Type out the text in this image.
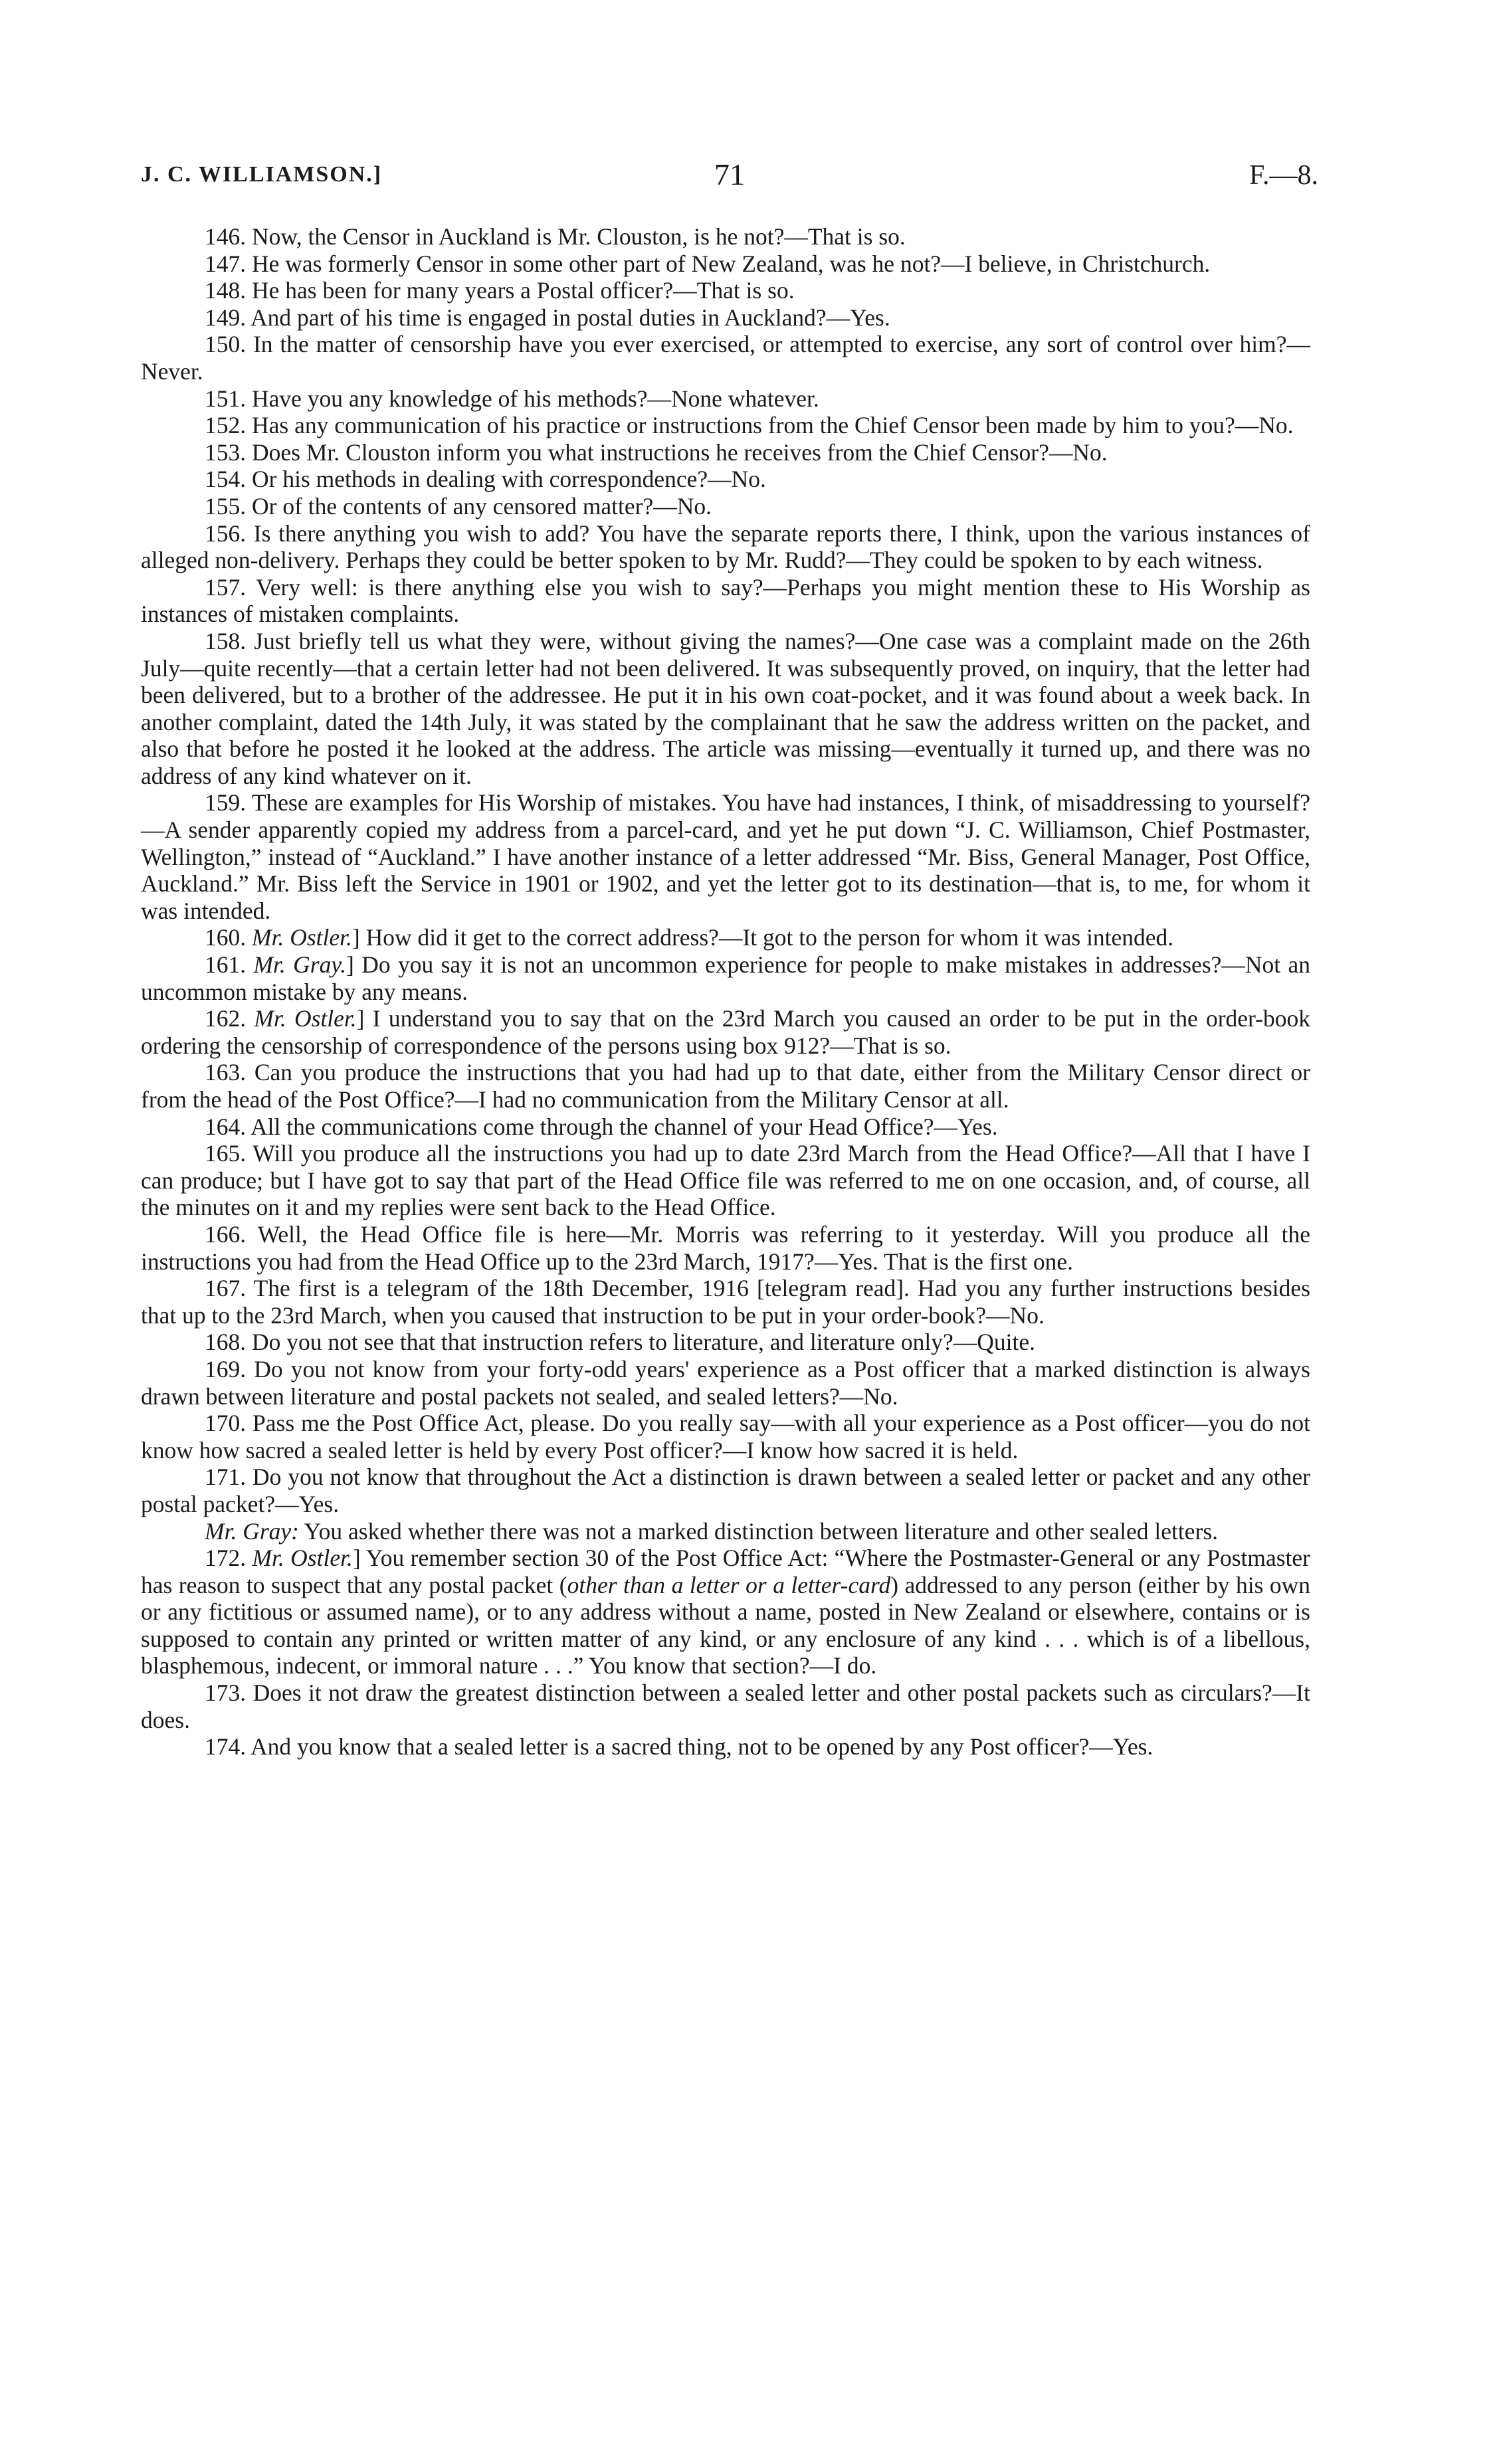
J. C. WILLIAMSON.]	71	F.—8.

146. Now, the Censor in Auckland is Mr. Clouston, is he not?—That is so.

147. He was formerly Censor in some other part of New Zealand, was he not?—I believe, in Christchurch.

148. He has been for many years a Postal officer?—That is so.

149. And part of his time is engaged in postal duties in Auckland?—Yes.

150. In the matter of censorship have you ever exercised, or attempted to exercise, any sort of control over him?—Never.

151. Have you any knowledge of his methods?—None whatever.

152. Has any communication of his practice or instructions from the Chief Censor been made by him to you?—No.

153. Does Mr. Clouston inform you what instructions he receives from the Chief Censor?—No.

154. Or his methods in dealing with correspondence?—No.

155. Or of the contents of any censored matter?—No.

156. Is there anything you wish to add? You have the separate reports there, I think, upon the various instances of alleged non-delivery. Perhaps they could be better spoken to by Mr. Rudd?—They could be spoken to by each witness.

157. Very well: is there anything else you wish to say?—Perhaps you might mention these to His Worship as instances of mistaken complaints.

158. Just briefly tell us what they were, without giving the names?—One case was a complaint made on the 26th July—quite recently—that a certain letter had not been delivered. It was subsequently proved, on inquiry, that the letter had been delivered, but to a brother of the addressee. He put it in his own coat-pocket, and it was found about a week back. In another complaint, dated the 14th July, it was stated by the complainant that he saw the address written on the packet, and also that before he posted it he looked at the address. The article was missing—eventually it turned up, and there was no address of any kind whatever on it.

159. These are examples for His Worship of mistakes. You have had instances, I think, of misaddressing to yourself?—A sender apparently copied my address from a parcel-card, and yet he put down “J. C. Williamson, Chief Postmaster, Wellington,” instead of “Auckland.” I have another instance of a letter addressed “Mr. Biss, General Manager, Post Office, Auckland.” Mr. Biss left the Service in 1901 or 1902, and yet the letter got to its destination—that is, to me, for whom it was intended.

160. Mr. Ostler.] How did it get to the correct address?—It got to the person for whom it was intended.

161. Mr. Gray.] Do you say it is not an uncommon experience for people to make mistakes in addresses?—Not an uncommon mistake by any means.

162. Mr. Ostler.] I understand you to say that on the 23rd March you caused an order to be put in the order-book ordering the censorship of correspondence of the persons using box 912?—That is so.

163. Can you produce the instructions that you had had up to that date, either from the Military Censor direct or from the head of the Post Office?—I had no communication from the Military Censor at all.

164. All the communications come through the channel of your Head Office?—Yes.

165. Will you produce all the instructions you had up to date 23rd March from the Head Office?—All that I have I can produce; but I have got to say that part of the Head Office file was referred to me on one occasion, and, of course, all the minutes on it and my replies were sent back to the Head Office.

166. Well, the Head Office file is here—Mr. Morris was referring to it yesterday. Will you produce all the instructions you had from the Head Office up to the 23rd March, 1917?—Yes. That is the first one.

167. The first is a telegram of the 18th December, 1916 [telegram read]. Had you any further instructions besides that up to the 23rd March, when you caused that instruction to be put in your order-book?—No.

168. Do you not see that that instruction refers to literature, and literature only?—Quite.

169. Do you not know from your forty-odd years' experience as a Post officer that a marked distinction is always drawn between literature and postal packets not sealed, and sealed letters?—No.

170. Pass me the Post Office Act, please. Do you really say—with all your experience as a Post officer—you do not know how sacred a sealed letter is held by every Post officer?—I know how sacred it is held.

171. Do you not know that throughout the Act a distinction is drawn between a sealed letter or packet and any other postal packet?—Yes.

Mr. Gray: You asked whether there was not a marked distinction between literature and other sealed letters.

172. Mr. Ostler.] You remember section 30 of the Post Office Act: “Where the Postmaster-General or any Postmaster has reason to suspect that any postal packet (other than a letter or a letter-card) addressed to any person (either by his own or any fictitious or assumed name), or to any address without a name, posted in New Zealand or elsewhere, contains or is supposed to contain any printed or written matter of any kind, or any enclosure of any kind . . . which is of a libellous, blasphemous, indecent, or immoral nature . . .” You know that section?—I do.

173. Does it not draw the greatest distinction between a sealed letter and other postal packets such as circulars?—It does.

174. And you know that a sealed letter is a sacred thing, not to be opened by any Post officer?—Yes.
